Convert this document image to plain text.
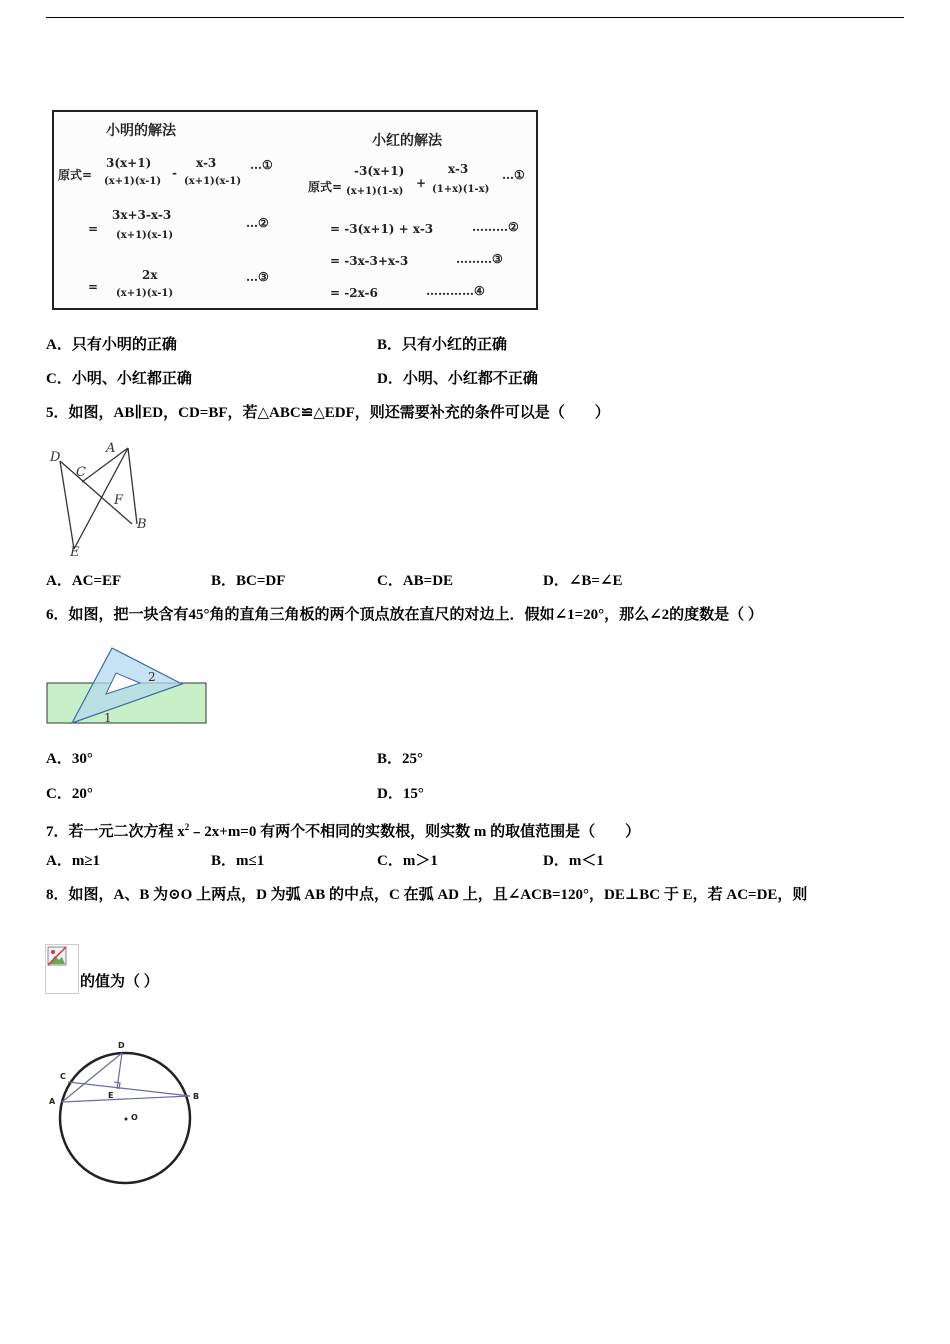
小明的解法
小红的解法
原式=
3(x+1)
(x+1)(x-1)
-
x-3
(x+1)(x-1)
…①
=
3x+3-x-3
(x+1)(x-1)
…②
=
2x
(x+1)(x-1)
…③
原式=
-3(x+1)
(x+1)(1-x)
+
x-3
(1+x)(1-x)
…①
= -3(x+1) + x-3	………②
= -3x-3+x-3	………③
= -2x-6	…………④
A．只有小明的正确	B．只有小红的正确
C．小明、小红都正确	D．小明、小红都不正确
5．如图，AB∥ED，CD=BF，若△ABC≌△EDF，则还需要补充的条件可以是（　　）
D
C
A
F
B
E
A．AC=EF	B．BC=DF	C．AB=DE	D．∠B=∠E
6．如图，把一块含有45°角的直角三角板的两个顶点放在直尺的对边上．假如∠1=20°，那么∠2的度数是（ ）
1
2
A．30°	B．25°
C．20°	D．15°
7．若一元二次方程 $x^2﹣2x+m=0$ 有两个不相同的实数根，则实数 m 的取值范围是（　　）
A．m≥1	B．m≤1	C．m＞1	D．m＜1
8．如图，A、B 为⊙O 上两点，D 为弧 AB 的中点，C 在弧 AD 上，且∠ACB=120°，DE⊥BC 于 E，若 AC=DE，则
的值为（ ）
D
C
A
B
E
O
